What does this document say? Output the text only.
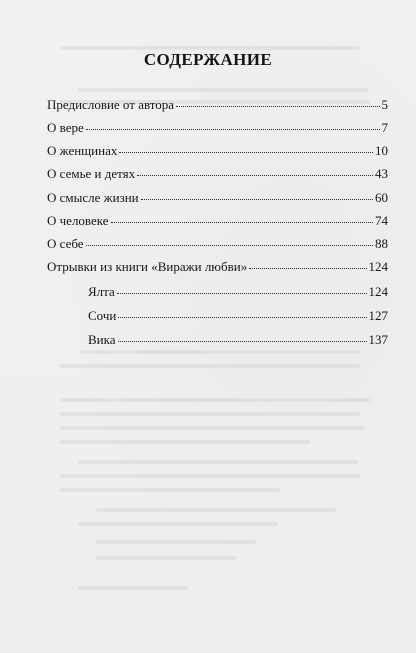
СОДЕРЖАНИЕ
Предисловие от автора	5
О вере	7
О женщинах	10
О семье и детях	43
О смысле жизни	60
О человеке	74
О себе	88
Отрывки из книги «Виражи любви»	124
Ялта	124
Сочи	127
Вика	137
